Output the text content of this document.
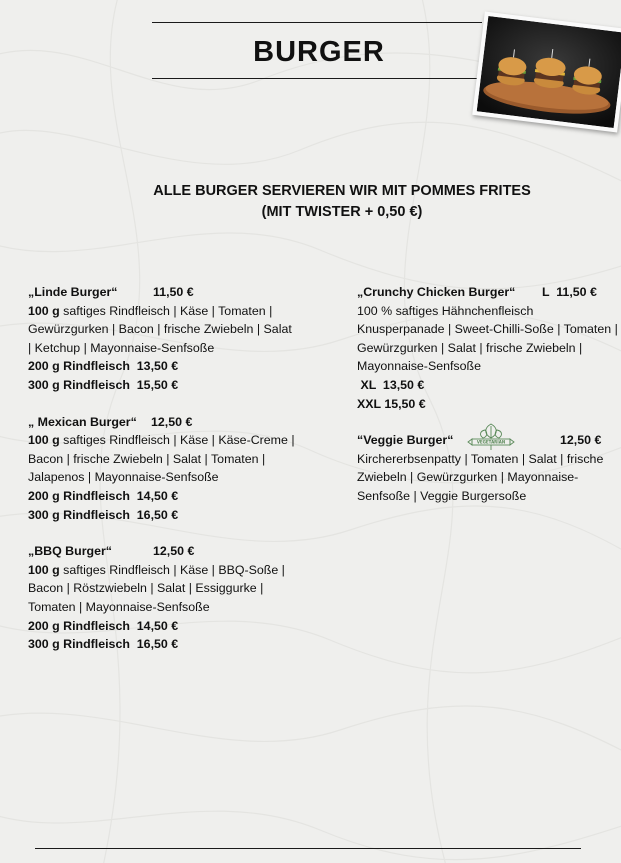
BURGER
ALLE BURGER SERVIEREN WIR MIT POMMES FRITES
(MIT TWISTER + 0,50 €)
„Linde Burger“	11,50 €
100 g saftiges Rindfleisch | Käse | Tomaten | Gewürzgurken | Bacon | frische Zwiebeln | Salat | Ketchup | Mayonnaise-Senfsoße
200 g Rindfleisch  13,50 €
300 g Rindfleisch  15,50 €
„ Mexican Burger“ 12,50 €
100 g saftiges Rindfleisch | Käse | Käse-Creme | Bacon | frische Zwiebeln | Salat | Tomaten | Jalapenos | Mayonnaise-Senfsoße
200 g Rindfleisch  14,50 €
300 g Rindfleisch  16,50 €
„BBQ Burger“	12,50 €
100 g saftiges Rindfleisch | Käse | BBQ-Soße | Bacon | Röstzwiebeln | Salat | Essiggurke | Tomaten | Mayonnaise-Senfsoße
200 g Rindfleisch  14,50 €
300 g Rindfleisch  16,50 €
„Crunchy Chicken Burger“ L  11,50 €
100 % saftiges Hähnchenfleisch Knusperpanade | Sweet-Chilli-Soße | Tomaten | Gewürzgurken | Salat | frische Zwiebeln | Mayonnaise-Senfsoße
XL  13,50 €
XXL 15,50 €
“Veggie Burger“	VEGETARIAN	12,50 €
Kirchererbsenpatty | Tomaten | Salat | frische Zwiebeln | Gewürzgurken | Mayonnaise-Senfsoße | Veggie Burgersoße
